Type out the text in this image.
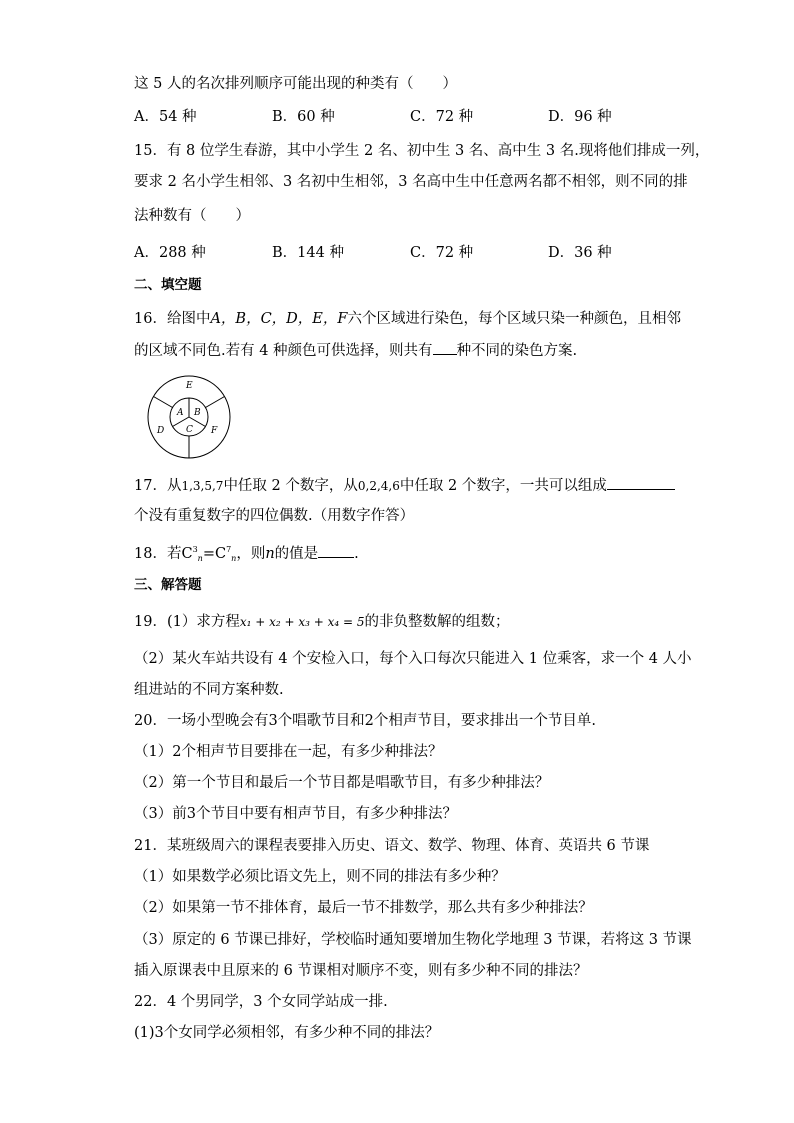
这 5 人的名次排列顺序可能出现的种类有（　　）
A．54 种	B．60 种	C．72 种	D．96 种
15．有 8 位学生春游，其中小学生 2 名、初中生 3 名、高中生 3 名.现将他们排成一列，
要求 2 名小学生相邻、3 名初中生相邻，3 名高中生中任意两名都不相邻，则不同的排
法种数有（　　）
A．288 种	B．144 种	C．72 种	D．36 种
二、填空题
16．给图中A，B，C，D，E，F六个区域进行染色，每个区域只染一种颜色，且相邻
的区域不同色.若有 4 种颜色可供选择，则共有 种不同的染色方案.
E
A B
C
D	F
17．从1,3,5,7中任取 2 个数字，从0,2,4,6中任取 2 个数字，一共可以组成
个没有重复数字的四位偶数.（用数字作答）
18．若$C^3_n=C^7_n$，则n的值是 .
三、解答题
19．(1）求方程x₁ + x₂ + x₃ + x₄ = 5的非负整数解的组数；
（2）某火车站共设有 4 个安检入口，每个入口每次只能进入 1 位乘客，求一个 4 人小
组进站的不同方案种数.
20．一场小型晚会有3个唱歌节目和2个相声节目，要求排出一个节目单.
（1）2个相声节目要排在一起，有多少种排法？
（2）第一个节目和最后一个节目都是唱歌节目，有多少种排法？
（3）前3个节目中要有相声节目，有多少种排法？
21．某班级周六的课程表要排入历史、语文、数学、物理、体育、英语共 6 节课
（1）如果数学必须比语文先上，则不同的排法有多少种？
（2）如果第一节不排体育，最后一节不排数学，那么共有多少种排法？
（3）原定的 6 节课已排好，学校临时通知要增加生物化学地理 3 节课，若将这 3 节课
插入原课表中且原来的 6 节课相对顺序不变，则有多少种不同的排法？
22．4 个男同学，3 个女同学站成一排.
(1)3个女同学必须相邻，有多少种不同的排法？
